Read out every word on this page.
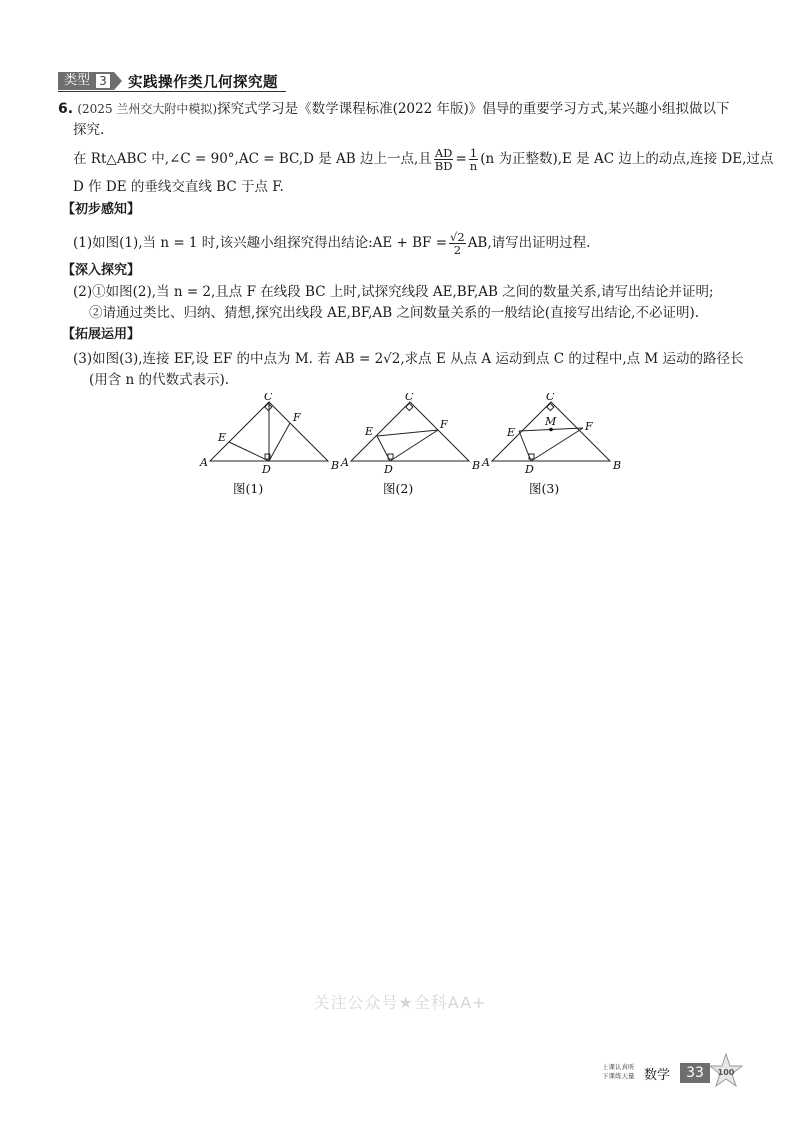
类型 3 实践操作类几何探究题
6. (2025 兰州交大附中模拟)探究式学习是《数学课程标准(2022 年版)》倡导的重要学习方式,某兴趣小组拟做以下
探究.
在 Rt△ABC 中,∠C = 90°,AC = BC,D 是 AB 边上一点,且 $\frac{AD}{BD} = \frac{1}{n} (n$ 为正整数),E 是 AC 边上的动点,连接 DE,过点
D 作 DE 的垂线交直线 BC 于点 F.
【初步感知】
(1)如图(1),当 n = 1 时,该兴趣小组探究得出结论:AE + BF = $\frac{√2}{2}$ AB,请写出证明过程.
【深入探究】
(2)①如图(2),当 n = 2,且点 F 在线段 BC 上时,试探究线段 AE,BF,AB 之间的数量关系,请写出结论并证明;
②请通过类比、归纳、猜想,探究出线段 AE,BF,AB 之间数量关系的一般结论(直接写出结论,不必证明).
【拓展运用】
(3)如图(3),连接 EF,设 EF 的中点为 M. 若 AB = 2√2,求点 E 从点 A 运动到点 C 的过程中,点 M 运动的路径长
(用含 n 的代数式表示).
A	B
C
D
E
F
图(1)
A	B
C
D
E
F
图(2)
A	B
C
D
E	F
M
图(3)
关注公众号★全科AA+
上课认真听
下课练天量 数学	33	100
